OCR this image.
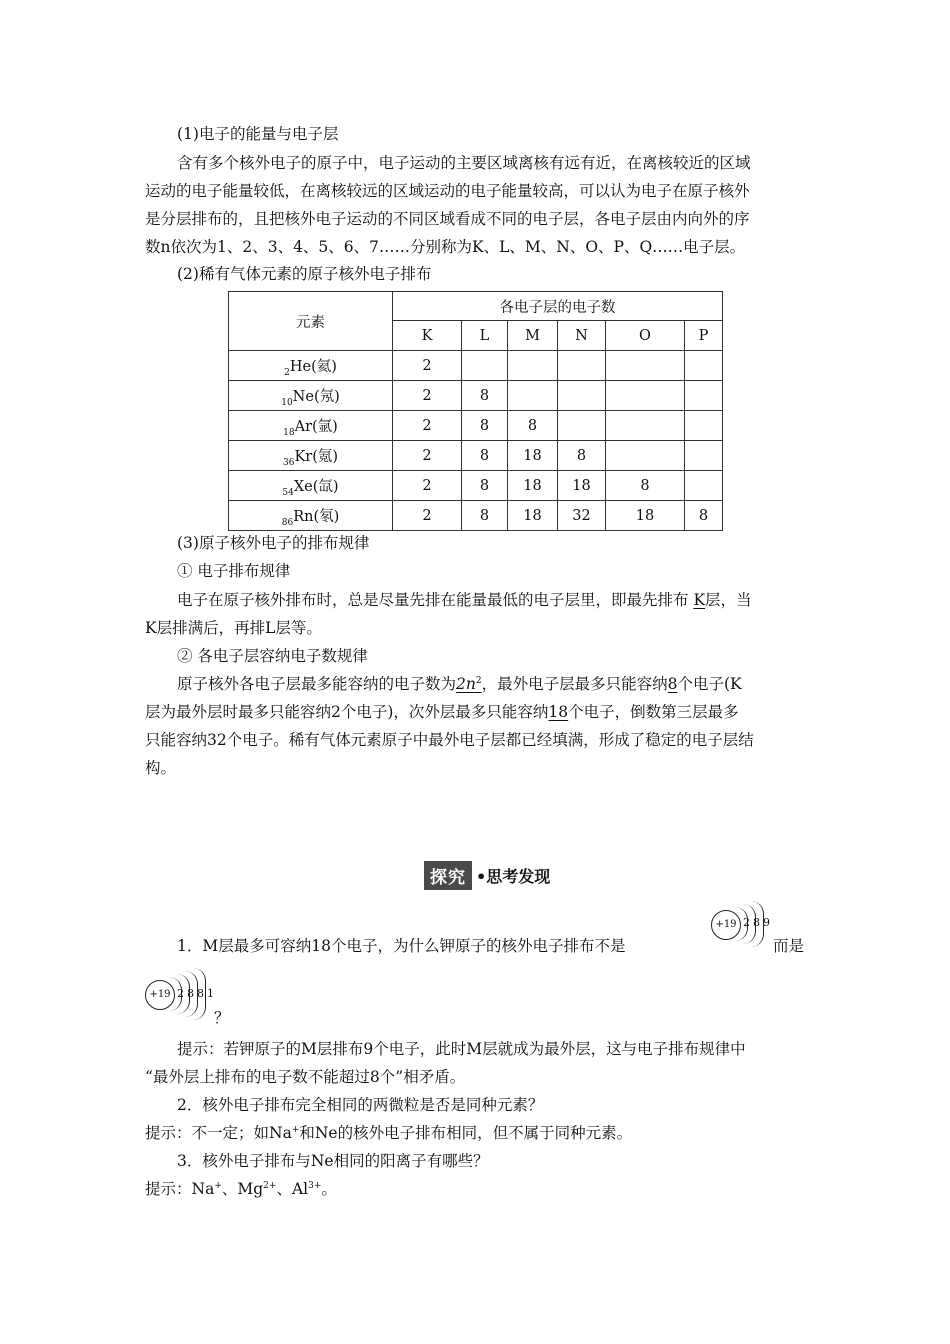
(1)电子的能量与电子层
含有多个核外电子的原子中，电子运动的主要区域离核有远有近，在离核较近的区域
运动的电子能量较低，在离核较远的区域运动的电子能量较高，可以认为电子在原子核外
是分层排布的，且把核外电子运动的不同区域看成不同的电子层，各电子层由内向外的序
数n依次为1、2、3、4、5、6、7……分别称为K、L、M、N、O、P、Q……电子层。
(2)稀有气体元素的原子核外电子排布
元素	各电子层的电子数					
	K	L	M	N	O	P
$_2$He(氦)	2					
$_{10}$Ne(氖)	2	8				
$_{18}$Ar(氩)	2	8	8			
$_{36}$Kr(氪)	2	8	18	8		
$_{54}$Xe(氙)	2	8	18	18	8	
$_{86}$Rn(氡)	2	8	18	32	18	8
(3)原子核外电子的排布规律
① 电子排布规律
电子在原子核外排布时，总是尽量先排在能量最低的电子层里，即最先排布 K层，当
K层排满后，再排L层等。
② 各电子层容纳电子数规律
原子核外各电子层最多能容纳的电子数为$2n^2$，最外电子层最多只能容纳8个电子(K
层为最外层时最多只能容纳2个电子)，次外层最多只能容纳18个电子，倒数第三层最多
只能容纳32个电子。稀有气体元素原子中最外电子层都已经填满，形成了稳定的电子层结
构。
探究 •思考发现
1．M层最多可容纳18个电子，为什么钾原子的核外电子排布不是
+19 2 8 9
而是
+19 2 8 8 1
？
提示：若钾原子的M层排布9个电子，此时M层就成为最外层，这与电子排布规律中
“最外层上排布的电子数不能超过8个”相矛盾。
2．核外电子排布完全相同的两微粒是否是同种元素？
提示：不一定；如Na+和Ne的核外电子排布相同，但不属于同种元素。
3．核外电子排布与Ne相同的阳离子有哪些？
提示：Na+、$Mg^{2+}$、$Al^{3+}$。
